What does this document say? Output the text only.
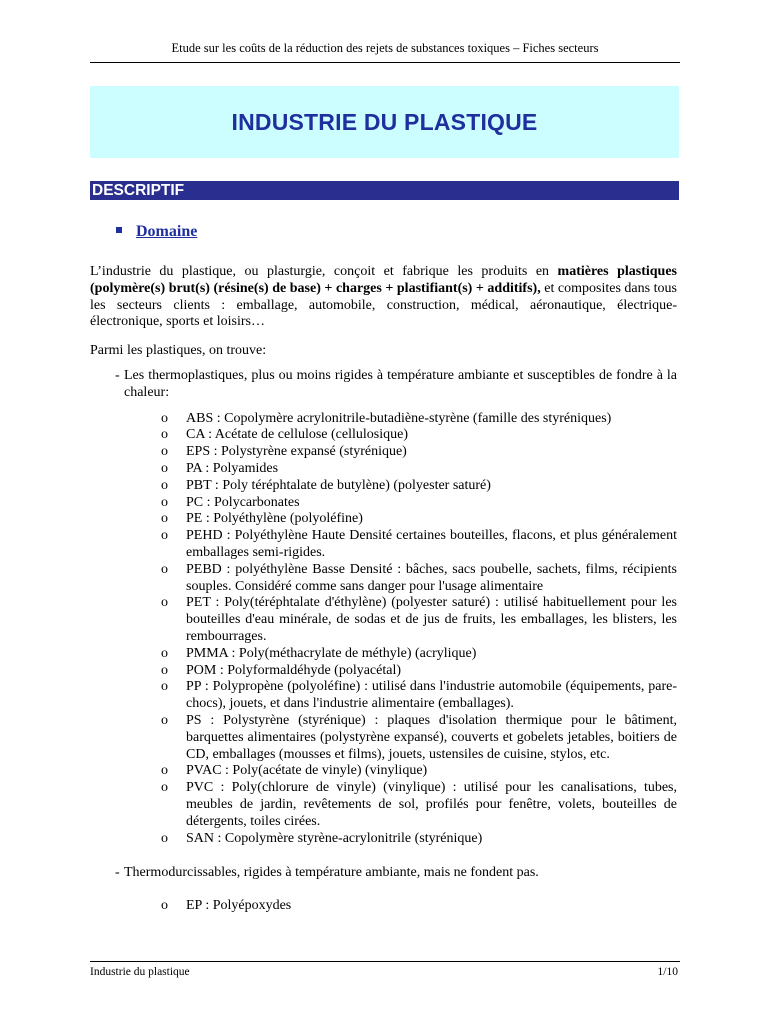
Etude sur les coûts de la réduction des rejets de substances toxiques – Fiches secteurs
INDUSTRIE DU PLASTIQUE
DESCRIPTIF
Domaine

L’industrie du plastique, ou plasturgie, conçoit et fabrique les produits en matières plastiques (polymère(s) brut(s) (résine(s) de base) + charges + plastifiant(s) + additifs), et composites dans tous les secteurs clients : emballage, automobile, construction, médical, aéronautique, électrique-électronique, sports et loisirs…

Parmi les plastiques, on trouve:

- Les thermoplastiques, plus ou moins rigides à température ambiante et susceptibles de fondre à la chaleur:
o ABS : Copolymère acrylonitrile-butadiène-styrène (famille des styréniques)
o CA : Acétate de cellulose (cellulosique)
o EPS : Polystyrène expansé (styrénique)
o PA : Polyamides
o PBT : Poly téréphtalate de butylène) (polyester saturé)
o PC : Polycarbonates
o PE : Polyéthylène (polyoléfine)
o PEHD : Polyéthylène Haute Densité certaines bouteilles, flacons, et plus généralement emballages semi-rigides.
o PEBD : polyéthylène Basse Densité : bâches, sacs poubelle, sachets, films, récipients souples. Considéré comme sans danger pour l'usage alimentaire
o PET : Poly(téréphtalate d'éthylène) (polyester saturé) : utilisé habituellement pour les bouteilles d'eau minérale, de sodas et de jus de fruits, les emballages, les blisters, les rembourrages.
o PMMA : Poly(méthacrylate de méthyle) (acrylique)
o POM : Polyformaldéhyde (polyacétal)
o PP : Polypropène (polyoléfine) : utilisé dans l'industrie automobile (équipements, pare-chocs), jouets, et dans l'industrie alimentaire (emballages).
o PS : Polystyrène (styrénique) : plaques d'isolation thermique pour le bâtiment, barquettes alimentaires (polystyrène expansé), couverts et gobelets jetables, boitiers de CD, emballages (mousses et films), jouets, ustensiles de cuisine, stylos, etc.
o PVAC : Poly(acétate de vinyle) (vinylique)
o PVC : Poly(chlorure de vinyle) (vinylique) : utilisé pour les canalisations, tubes, meubles de jardin, revêtements de sol, profilés pour fenêtre, volets, bouteilles de détergents, toiles cirées.
o SAN : Copolymère styrène-acrylonitrile (styrénique)
- Thermodurcissables, rigides à température ambiante, mais ne fondent pas.
o EP : Polyépoxydes
Industrie du plastique	1/10
